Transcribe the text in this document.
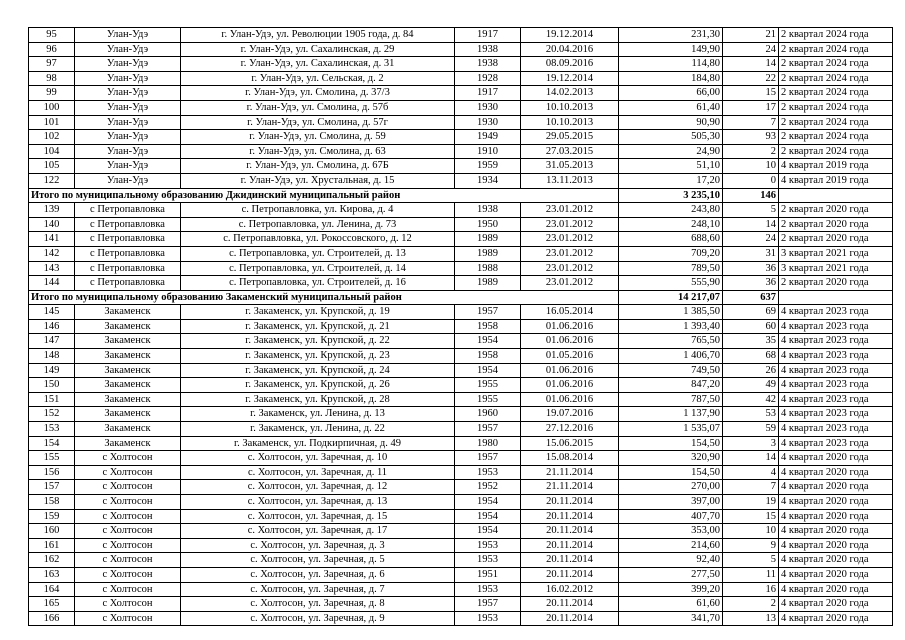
95	Улан-Удэ	г. Улан-Удэ, ул. Революции 1905 года, д. 84	1917	19.12.2014	231,30	21	2 квартал 2024 года
96	Улан-Удэ	г. Улан-Удэ, ул. Сахалинская, д. 29	1938	20.04.2016	149,90	24	2 квартал 2024 года
97	Улан-Удэ	г. Улан-Удэ, ул. Сахалинская, д. 31	1938	08.09.2016	114,80	14	2 квартал 2024 года
98	Улан-Удэ	г. Улан-Удэ, ул. Сельская, д. 2	1928	19.12.2014	184,80	22	2 квартал 2024 года
99	Улан-Удэ	г. Улан-Удэ, ул. Смолина, д. 37/3	1917	14.02.2013	66,00	15	2 квартал 2024 года
100	Улан-Удэ	г. Улан-Удэ, ул. Смолина, д. 57б	1930	10.10.2013	61,40	17	2 квартал 2024 года
101	Улан-Удэ	г. Улан-Удэ, ул. Смолина, д. 57г	1930	10.10.2013	90,90	7	2 квартал 2024 года
102	Улан-Удэ	г. Улан-Удэ, ул. Смолина, д. 59	1949	29.05.2015	505,30	93	2 квартал 2024 года
104	Улан-Удэ	г. Улан-Удэ, ул. Смолина, д. 63	1910	27.03.2015	24,90	2	2 квартал 2024 года
105	Улан-Удэ	г. Улан-Удэ, ул. Смолина, д. 67Б	1959	31.05.2013	51,10	10	4 квартал 2019 года
122	Улан-Удэ	г. Улан-Удэ, ул. Хрустальная, д. 15	1934	13.11.2013	17,20	0	4 квартал 2019 года
Итого по муниципальному образованию Джидинский муниципальный район					3 235,10	146	
139	с Петропавловка	с. Петропавловка, ул. Кирова, д. 4	1938	23.01.2012	243,80	5	2 квартал 2020 года
140	с Петропавловка	с. Петропавловка, ул. Ленина, д. 73	1950	23.01.2012	248,10	14	2 квартал 2020 года
141	с Петропавловка	с. Петропавловка, ул. Рокоссовского, д. 12	1989	23.01.2012	688,60	24	2 квартал 2020 года
142	с Петропавловка	с. Петропавловка, ул. Строителей, д. 13	1989	23.01.2012	709,20	31	3 квартал 2021 года
143	с Петропавловка	с. Петропавловка, ул. Строителей, д. 14	1988	23.01.2012	789,50	36	3 квартал 2021 года
144	с Петропавловка	с. Петропавловка, ул. Строителей, д. 16	1989	23.01.2012	555,90	36	2 квартал 2020 года
Итого по муниципальному образованию Закаменский муниципальный район					14 217,07	637	
145	Закаменск	г. Закаменск, ул. Крупской, д. 19	1957	16.05.2014	1 385,50	69	4 квартал 2023 года
146	Закаменск	г. Закаменск, ул. Крупской, д. 21	1958	01.06.2016	1 393,40	60	4 квартал 2023 года
147	Закаменск	г. Закаменск, ул. Крупской, д. 22	1954	01.06.2016	765,50	35	4 квартал 2023 года
148	Закаменск	г. Закаменск, ул. Крупской, д. 23	1958	01.05.2016	1 406,70	68	4 квартал 2023 года
149	Закаменск	г. Закаменск, ул. Крупской, д. 24	1954	01.06.2016	749,50	26	4 квартал 2023 года
150	Закаменск	г. Закаменск, ул. Крупской, д. 26	1955	01.06.2016	847,20	49	4 квартал 2023 года
151	Закаменск	г. Закаменск, ул. Крупской, д. 28	1955	01.06.2016	787,50	42	4 квартал 2023 года
152	Закаменск	г. Закаменск, ул. Ленина, д. 13	1960	19.07.2016	1 137,90	53	4 квартал 2023 года
153	Закаменск	г. Закаменск, ул. Ленина, д. 22	1957	27.12.2016	1 535,07	59	4 квартал 2023 года
154	Закаменск	г. Закаменск, ул. Подкирпичная, д. 49	1980	15.06.2015	154,50	3	4 квартал 2023 года
155	с Холтосон	с. Холтосон, ул. Заречная, д. 10	1957	15.08.2014	320,90	14	4 квартал 2020 года
156	с Холтосон	с. Холтосон, ул. Заречная, д. 11	1953	21.11.2014	154,50	4	4 квартал 2020 года
157	с Холтосон	с. Холтосон, ул. Заречная, д. 12	1952	21.11.2014	270,00	7	4 квартал 2020 года
158	с Холтосон	с. Холтосон, ул. Заречная, д. 13	1954	20.11.2014	397,00	19	4 квартал 2020 года
159	с Холтосон	с. Холтосон, ул. Заречная, д. 15	1954	20.11.2014	407,70	15	4 квартал 2020 года
160	с Холтосон	с. Холтосон, ул. Заречная, д. 17	1954	20.11.2014	353,00	10	4 квартал 2020 года
161	с Холтосон	с. Холтосон, ул. Заречная, д. 3	1953	20.11.2014	214,60	9	4 квартал 2020 года
162	с Холтосон	с. Холтосон, ул. Заречная, д. 5	1953	20.11.2014	92,40	5	4 квартал 2020 года
163	с Холтосон	с. Холтосон, ул. Заречная, д. 6	1951	20.11.2014	277,50	11	4 квартал 2020 года
164	с Холтосон	с. Холтосон, ул. Заречная, д. 7	1953	16.02.2012	399,20	16	4 квартал 2020 года
165	с Холтосон	с. Холтосон, ул. Заречная, д. 8	1957	20.11.2014	61,60	2	4 квартал 2020 года
166	с Холтосон	с. Холтосон, ул. Заречная, д. 9	1953	20.11.2014	341,70	13	4 квартал 2020 года
